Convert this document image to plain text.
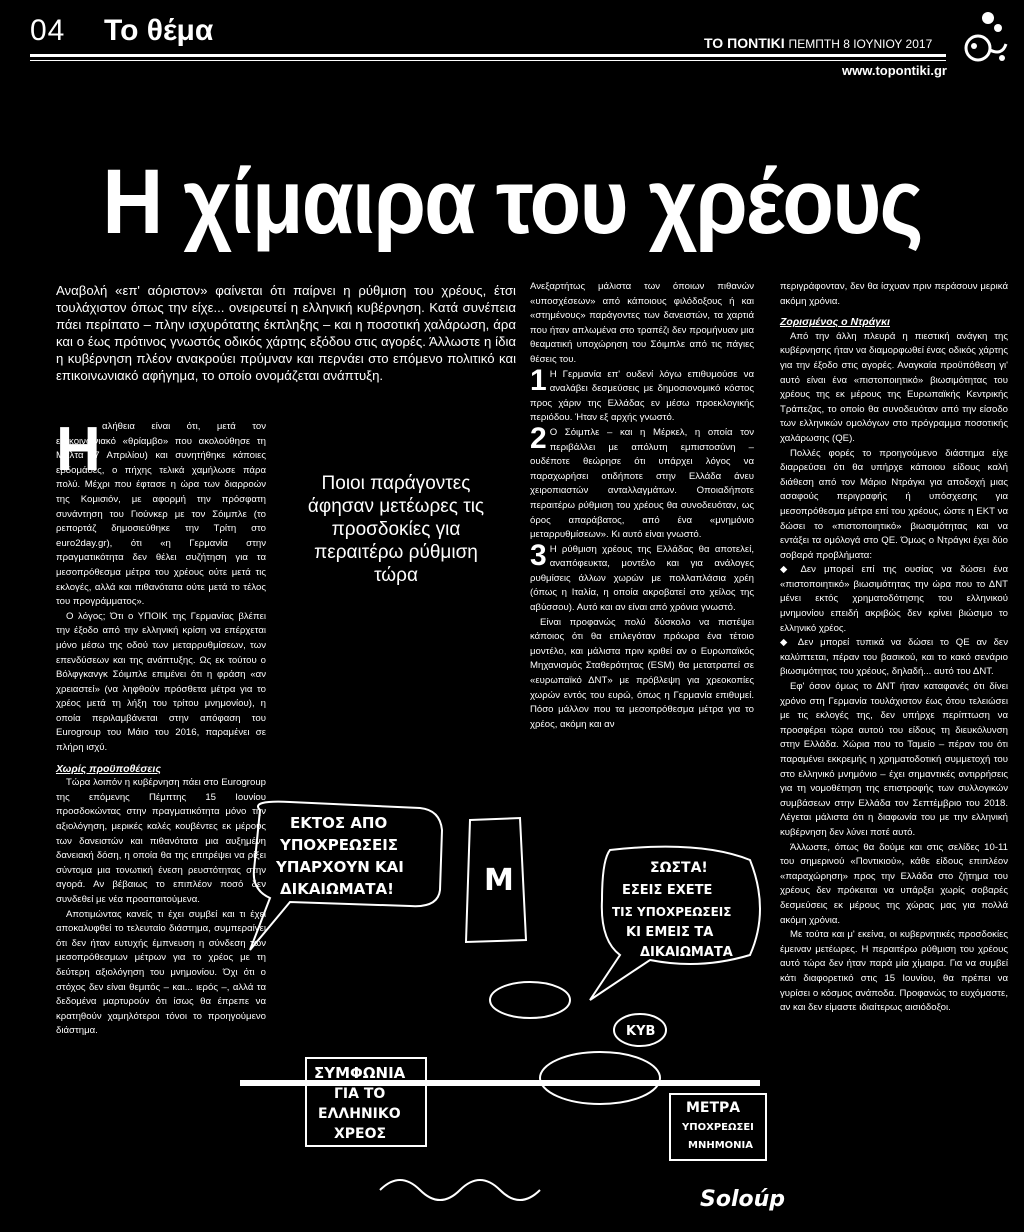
04 Το θέμα	ΤΟ ΠΟΝΤΙΚΙ ΠΕΜΠΤΗ 8 ΙΟΥΝΙΟΥ 2017
www.topontiki.gr
Η χίμαιρα του χρέους
Αναβολή «επ' αόριστον» φαίνεται ότι παίρνει η ρύθμιση του χρέους, έτσι τουλάχιστον όπως την είχε... ονειρευτεί η ελληνική κυβέρνηση. Κατά συνέπεια πάει περίπατο – πλην ισχυρότατης έκπληξης – και η ποσοτική χαλάρωση, άρα και ο έως πρότινος γνωστός οδικός χάρτης εξόδου στις αγορές. Άλλωστε η ίδια η κυβέρνηση πλέον ανακρούει πρύμναν και περνάει στο επόμενο πολιτικό και επικοινωνιακό αφήγημα, το οποίο ονομάζεται ανάπτυξη.
Η αλήθεια είναι ότι, μετά τον επικοινωνιακό «θρίαμβο» που ακολούθησε τη Μάλτα (7 Απριλίου) και συνητήθηκε κάποιες εβδομάδες, ο πήχης τελικά χαμήλωσε πάρα πολύ. Μέχρι που έφτασε η ώρα των διαρροών της Κομισιόν, με αφορμή την πρόσφατη συνάντηση του Γιούνκερ με τον Σόιμπλε (το ρεπορτάζ δημοσιεύθηκε την Τρίτη στο euro2day.gr), ότι «η Γερμανία στην πραγματικότητα δεν θέλει συζήτηση για τα μεσοπρόθεσμα μέτρα του χρέους ούτε μετά τις εκλογές, αλλά και πιθανότατα ούτε μετά το τέλος του προγράμματος».

Ο λόγος; Ότι ο ΥΠΟΙΚ της Γερμανίας βλέπει την έξοδο από την ελληνική κρίση να επέρχεται μόνο μέσω της οδού των μεταρρυθμίσεων, των επενδύσεων και της ανάπτυξης. Ως εκ τούτου ο Βόλφγκανγκ Σόιμπλε επιμένει ότι η φράση «αν χρειαστεί» (να ληφθούν πρόσθετα μέτρα για το χρέος μετά τη λήξη του τρίτου μνημονίου), η οποία περιλαμβάνεται στην απόφαση του Eurogroup του Μάιο του 2016, παραμένει σε πλήρη ισχύ.

Χωρίς προϋποθέσεις

Τώρα λοιπόν η κυβέρνηση πάει στο Eurogroup της επόμενης Πέμπτης 15 Ιουνίου προσδοκώντας στην πραγματικότητα μόνο την αξιολόγηση, μερικές καλές κουβέντες εκ μέρους των δανειστών και πιθανότατα μια αυξημένη δανειακή δόση, η οποία θα της επιτρέψει να ρίξει σύντομα μια τονωτική ένεση ρευστότητας στην αγορά. Αν βέβαιως το επιπλέον ποσό δεν συνδεθεί με νέα προαπαιτούμενα.

Αποτιμώντας κανείς τι έχει συμβεί και τι έχει αποκαλυφθεί το τελευταίο διάστημα, συμπεραίνει ότι δεν ήταν ευτυχής έμπνευση η σύνδεση των μεσοπρόθεσμων μέτρων για το χρέος με τη δεύτερη αξιολόγηση του μνημονίου. Όχι ότι ο στόχος δεν είναι θεμιτός – και... ιερός –, αλλά τα δεδομένα μαρτυρούν ότι ίσως θα έπρεπε να κρατηθούν χαμηλότεροι τόνοι το προηγούμενο διάστημα.

Ποιοι παράγοντες άφησαν μετέωρες τις προσδοκίες για περαιτέρω ρύθμιση τώρα

Ανεξαρτήτως μάλιστα των όποιων πιθανών «υποσχέσεων» από κάποιους φιλόδοξους ή και «στημένους» παράγοντες των δανειστών, τα χαρτιά που ήταν απλωμένα στο τραπέζι δεν προμήνυαν μια θεαματική υποχώρηση του Σόιμπλε από τις πάγιες θέσεις του.

1 Η Γερμανία επ' ουδενί λόγω επιθυμούσε να αναλάβει δεσμεύσεις με δημοσιονομικό κόστος προς χάριν της Ελλάδας εν μέσω προεκλογικής περιόδου. Ήταν εξ αρχής γνωστό.

2 Ο Σόιμπλε – και η Μέρκελ, η οποία τον περιβάλλει με απόλυτη εμπιστοσύνη – ουδέποτε θεώρησε ότι υπάρχει λόγος να παραχωρήσει οτιδήποτε στην Ελλάδα άνευ χειροπιαστών ανταλλαγμάτων. Οποιαδήποτε περαιτέρω ρύθμιση του χρέους θα συνοδευόταν, ως όρος απαράβατος, από ένα «μνημόνιο μεταρρυθμίσεων». Κι αυτό είναι γνωστό.

3 Η ρύθμιση χρέους της Ελλάδας θα αποτελεί, αναπόφευκτα, μοντέλο και για ανάλογες ρυθμίσεις άλλων χωρών με πολλαπλάσια χρέη (όπως η Ιταλία, η οποία ακροβατεί στο χείλος της αβύσσου). Αυτό και αν είναι από χρόνια γνωστό.

Είναι προφανώς πολύ δύσκολο να πιστέψει κάποιος ότι θα επιλεγόταν πρόωρα ένα τέτοιο μοντέλο, και μάλιστα πριν κριθεί αν ο Ευρωπαϊκός Μηχανισμός Σταθερότητας (ESM) θα μετατραπεί σε «ευρωπαϊκό ΔΝΤ» με πρόβλεψη για χρεοκοπίες χωρών εντός του ευρώ, όπως η Γερμανία επιθυμεί. Πόσο μάλλον που τα μεσοπρόθεσμα μέτρα για το χρέος, ακόμη και αν

περιγράφονταν, δεν θα ίσχυαν πριν περάσουν μερικά ακόμη χρόνια.

Ζορισμένος ο Ντράγκι

Από την άλλη πλευρά η πιεστική ανάγκη της κυβέρνησης ήταν να διαμορφωθεί ένας οδικός χάρτης για την έξοδο στις αγορές. Αναγκαία προϋπόθεση γι' αυτό είναι ένα «πιστοποιητικό» βιωσιμότητας του χρέους της εκ μέρους της Ευρωπαϊκής Κεντρικής Τράπεζας, το οποίο θα συνοδευόταν από την είσοδο των ελληνικών ομολόγων στο πρόγραμμα ποσοτικής χαλάρωσης (QE).

Πολλές φορές το προηγούμενο διάστημα είχε διαρρεύσει ότι θα υπήρχε κάποιου είδους καλή διάθεση από τον Μάριο Ντράγκι για αποδοχή μιας ασαφούς περιγραφής ή υπόσχεσης για μεσοπρόθεσμα μέτρα επί του χρέους, ώστε η ΕΚΤ να δώσει το «πιστοποιητικό» βιωσιμότητας και να εντάξει τα ομόλογά στο QE. Όμως ο Ντράγκι έχει δύο σοβαρά προβλήματα:

◆ Δεν μπορεί επί της ουσίας να δώσει ένα «πιστοποιητικό» βιωσιμότητας την ώρα που το ΔΝΤ μένει εκτός χρηματοδότησης του ελληνικού μνημονίου επειδή ακριβώς δεν κρίνει βιώσιμο το ελληνικό χρέος.

◆ Δεν μπορεί τυπικά να δώσει το QE αν δεν καλύπτεται, πέραν του βασικού, και το κακό σενάριο βιωσιμότητας του χρέους, δηλαδή... αυτό του ΔΝΤ.

Εφ' όσον όμως το ΔΝΤ ήταν καταφανές ότι δίνει χρόνο στη Γερμανία τουλάχιστον έως ότου τελειώσει με τις εκλογές της, δεν υπήρχε περίπτωση να προσφέρει τώρα αυτού του είδους τη διευκόλυνση στην Ελλάδα. Χώρια που το Ταμείο – πέραν του ότι παραμένει εκκρεμής η χρηματοδοτική συμμετοχή του στο ελληνικό μνημόνιο – έχει σημαντικές αντιρρήσεις για τη νομοθέτηση της επιστροφής των συλλογικών συμβάσεων στην Ελλάδα τον Σεπτέμβριο του 2018. Λέγεται μάλιστα ότι η διαφωνία του με την ελληνική κυβέρνηση δεν λύνει ποτέ αυτό.

Άλλωστε, όπως θα δούμε και στις σελίδες 10-11 του σημερινού «Ποντικιού», κάθε είδους επιπλέον «παραχώρηση» προς την Ελλάδα στο ζήτημα του χρέους δεν πρόκειται να υπάρξει χωρίς σοβαρές δεσμεύσεις εκ μέρους της χώρας μας για πολλά ακόμη χρόνια.

Με τούτα και μ' εκείνα, οι κυβερνητικές προσδοκίες έμειναν μετέωρες. Η περαιτέρω ρύθμιση του χρέους αυτό τώρα δεν ήταν παρά μία χίμαιρα. Για να συμβεί κάτι διαφορετικό στις 15 Ιουνίου, θα πρέπει να γυρίσει ο κόσμος ανάποδα. Προφανώς το ευχόμαστε, αν και δεν είμαστε ιδιαίτερως αισιόδοξοι.

ΕΚΤΟΣ ΑΠΟ
ΥΠΟΧΡΕΩΣΕΙΣ
ΥΠΑΡΧΟΥΝ ΚΑΙ
ΔΙΚΑΙΩΜΑΤΑ!
ΣΩΣΤΑ!
ΕΣΕΙΣ ΕΧΕΤΕ
ΤΙΣ ΥΠΟΧΡΕΩΣΕΙΣ
ΚΙ ΕΜΕΙΣ ΤΑ
ΔΙΚΑΙΩΜΑΤΑ
Μ
ΚΥΒ
ΣΥΜΦΩΝΙΑ
ΓΙΑ ΤΟ
ΕΛΛΗΝΙΚΟ
ΧΡΕΟΣ
ΜΕΤΡΑ
ΥΠΟΧΡΕΩΣΕΙ
ΜΝΗΜΟΝΙΑ
Soloúp
